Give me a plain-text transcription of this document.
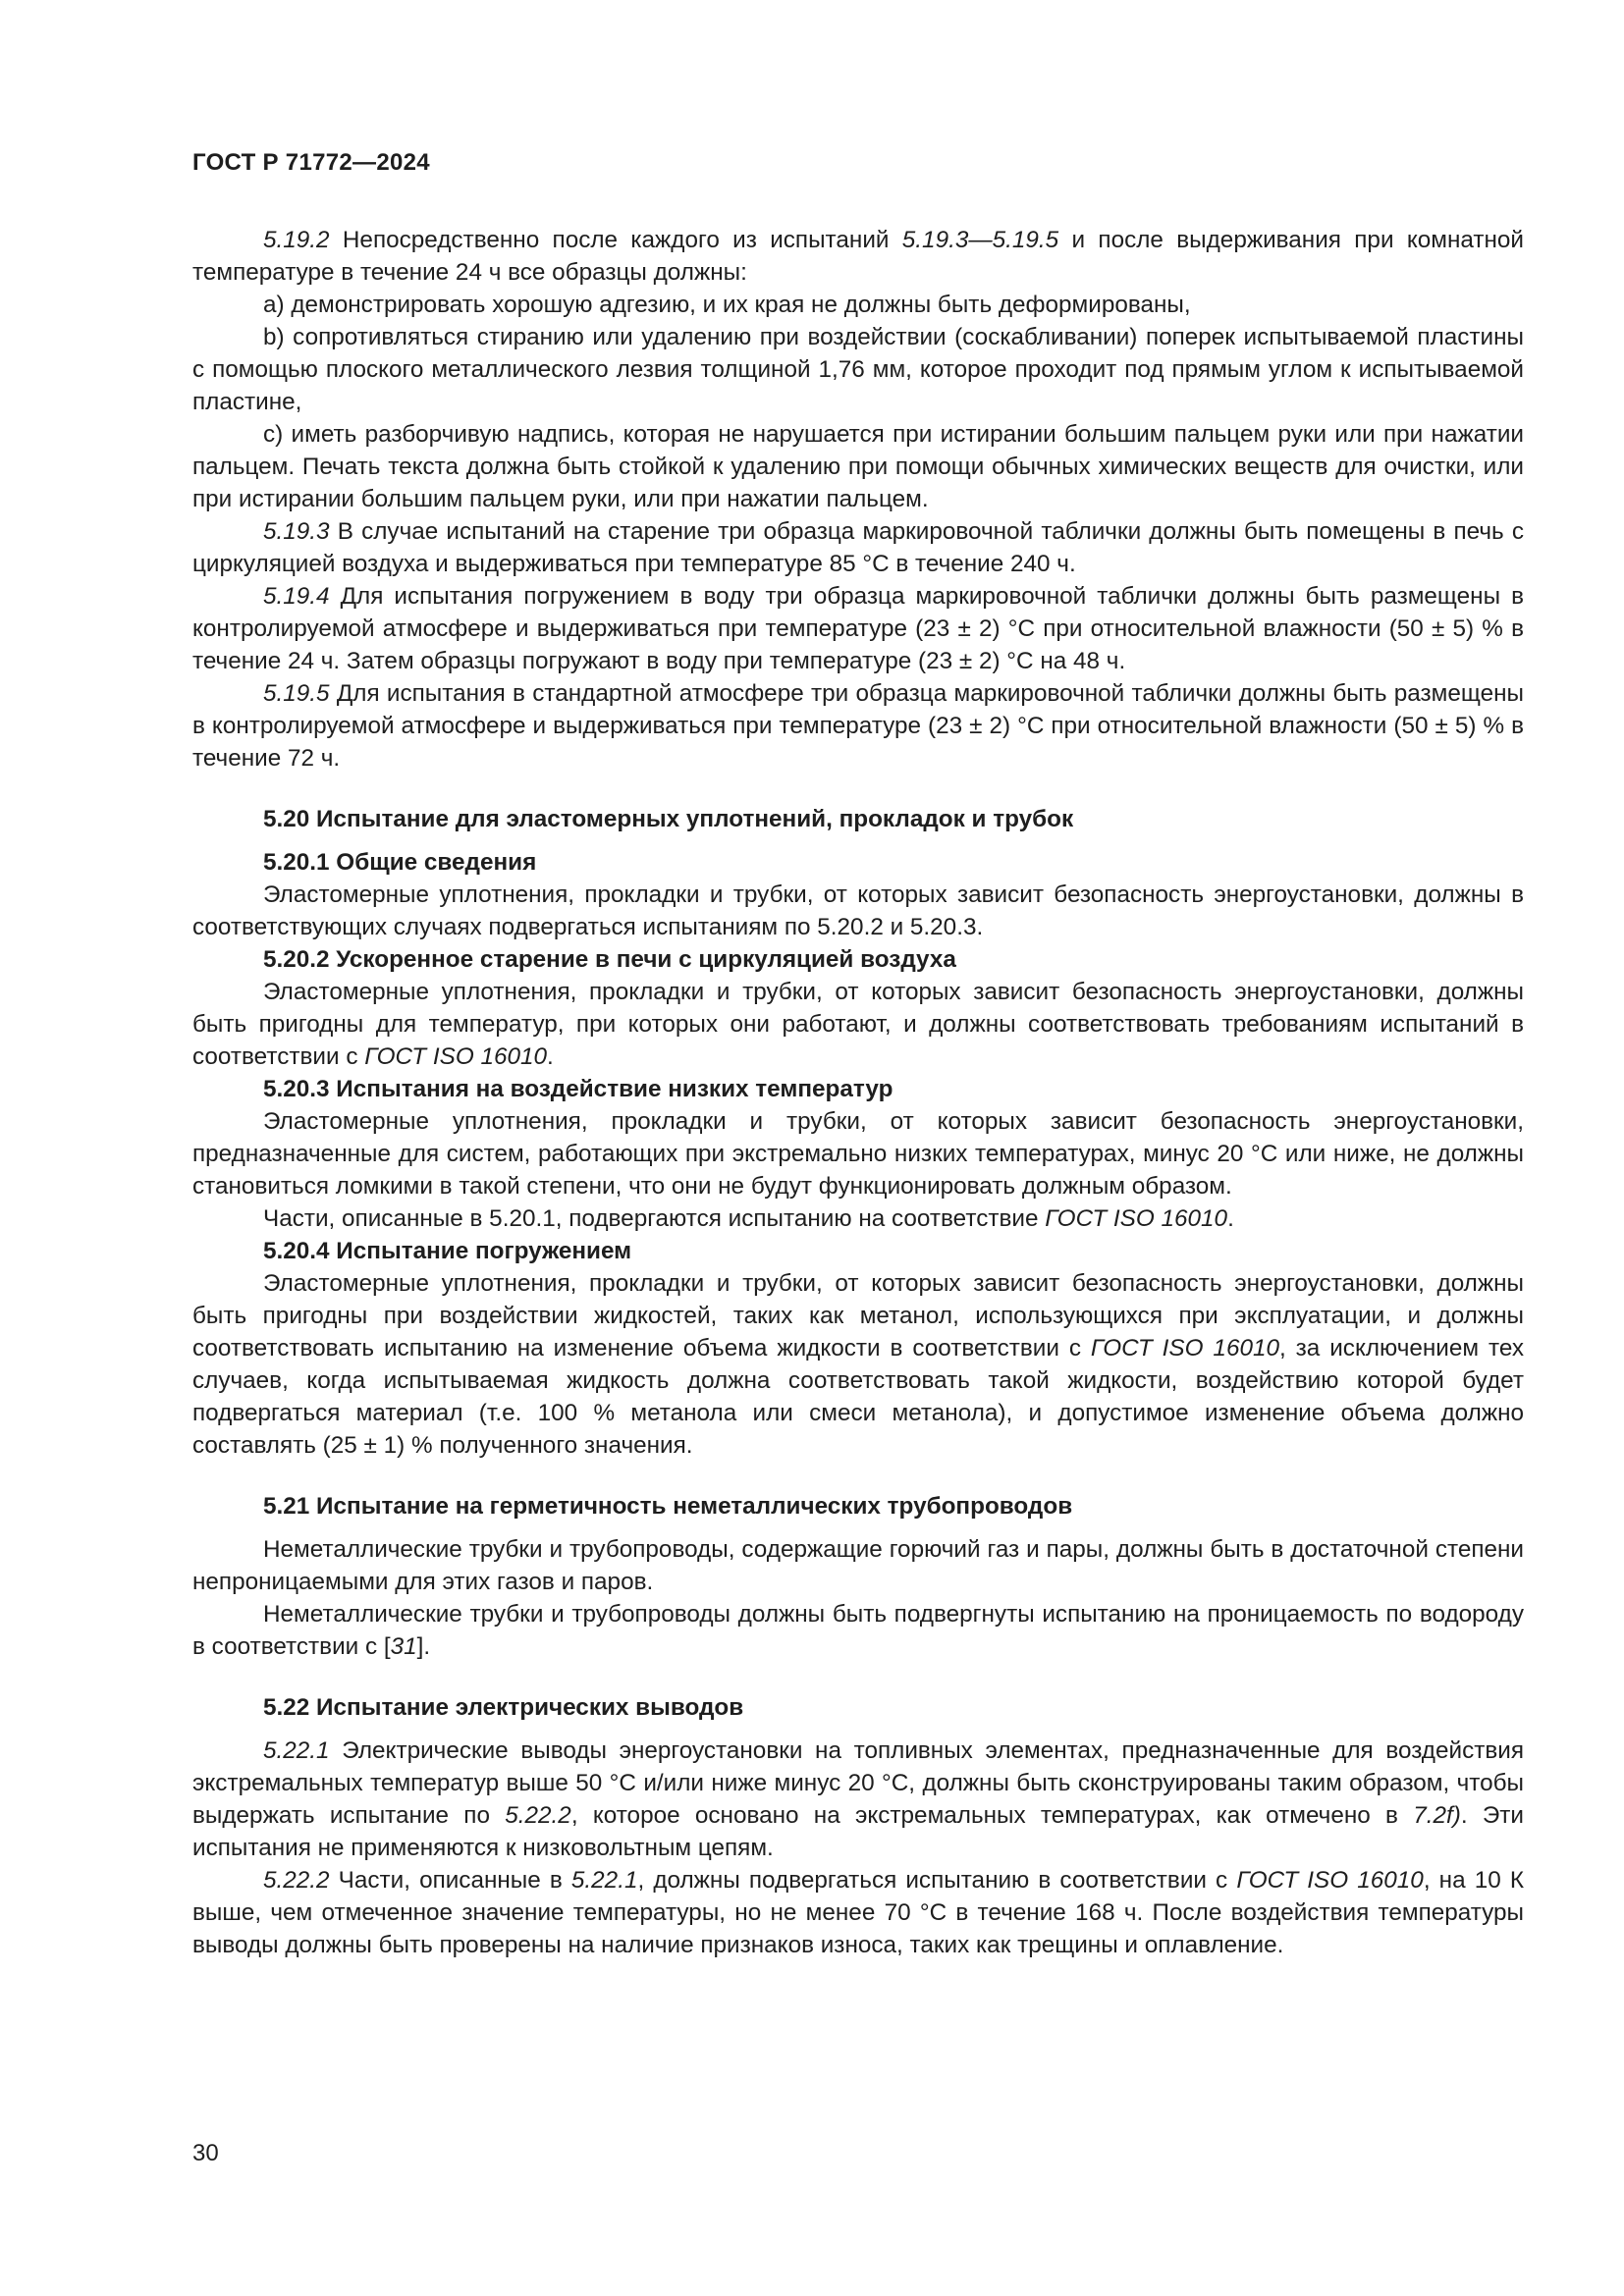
ГОСТ Р 71772—2024

5.19.2 Непосредственно после каждого из испытаний 5.19.3—5.19.5 и после выдерживания при комнатной температуре в течение 24 ч все образцы должны:

a) демонстрировать хорошую адгезию, и их края не должны быть деформированы,

b) сопротивляться стиранию или удалению при воздействии (соскабливании) поперек испытываемой пластины с помощью плоского металлического лезвия толщиной 1,76 мм, которое проходит под прямым углом к испытываемой пластине,

c) иметь разборчивую надпись, которая не нарушается при истирании большим пальцем руки или при нажатии пальцем. Печать текста должна быть стойкой к удалению при помощи обычных химических веществ для очистки, или при истирании большим пальцем руки, или при нажатии пальцем.

5.19.3 В случае испытаний на старение три образца маркировочной таблички должны быть помещены в печь с циркуляцией воздуха и выдерживаться при температуре 85 °С в течение 240 ч.

5.19.4 Для испытания погружением в воду три образца маркировочной таблички должны быть размещены в контролируемой атмосфере и выдерживаться при температуре (23 ± 2) °С при относительной влажности (50 ± 5) % в течение 24 ч. Затем образцы погружают в воду при температуре (23 ± 2) °С на 48 ч.

5.19.5 Для испытания в стандартной атмосфере три образца маркировочной таблички должны быть размещены в контролируемой атмосфере и выдерживаться при температуре (23 ± 2) °С при относительной влажности (50 ± 5) % в течение 72 ч.

5.20 Испытание для эластомерных уплотнений, прокладок и трубок
5.20.1 Общие сведения

Эластомерные уплотнения, прокладки и трубки, от которых зависит безопасность энергоустановки, должны в соответствующих случаях подвергаться испытаниям по 5.20.2 и 5.20.3.

5.20.2 Ускоренное старение в печи с циркуляцией воздуха

Эластомерные уплотнения, прокладки и трубки, от которых зависит безопасность энергоустановки, должны быть пригодны для температур, при которых они работают, и должны соответствовать требованиям испытаний в соответствии с ГОСТ ISO 16010.

5.20.3 Испытания на воздействие низких температур

Эластомерные уплотнения, прокладки и трубки, от которых зависит безопасность энергоустановки, предназначенные для систем, работающих при экстремально низких температурах, минус 20 °С или ниже, не должны становиться ломкими в такой степени, что они не будут функционировать должным образом.

Части, описанные в 5.20.1, подвергаются испытанию на соответствие ГОСТ ISO 16010.

5.20.4 Испытание погружением

Эластомерные уплотнения, прокладки и трубки, от которых зависит безопасность энергоустановки, должны быть пригодны при воздействии жидкостей, таких как метанол, использующихся при эксплуатации, и должны соответствовать испытанию на изменение объема жидкости в соответствии с ГОСТ ISO 16010, за исключением тех случаев, когда испытываемая жидкость должна соответствовать такой жидкости, воздействию которой будет подвергаться материал (т.е. 100 % метанола или смеси метанола), и допустимое изменение объема должно составлять (25 ± 1) % полученного значения.

5.21 Испытание на герметичность неметаллических трубопроводов

Неметаллические трубки и трубопроводы, содержащие горючий газ и пары, должны быть в достаточной степени непроницаемыми для этих газов и паров.

Неметаллические трубки и трубопроводы должны быть подвергнуты испытанию на проницаемость по водороду в соответствии с [31].

5.22 Испытание электрических выводов

5.22.1 Электрические выводы энергоустановки на топливных элементах, предназначенные для воздействия экстремальных температур выше 50 °С и/или ниже минус 20 °С, должны быть сконструированы таким образом, чтобы выдержать испытание по 5.22.2, которое основано на экстремальных температурах, как отмечено в 7.2f). Эти испытания не применяются к низковольтным цепям.

5.22.2 Части, описанные в 5.22.1, должны подвергаться испытанию в соответствии с ГОСТ ISO 16010, на 10 К выше, чем отмеченное значение температуры, но не менее 70 °С в течение 168 ч. После воздействия температуры выводы должны быть проверены на наличие признаков износа, таких как трещины и оплавление.

30
